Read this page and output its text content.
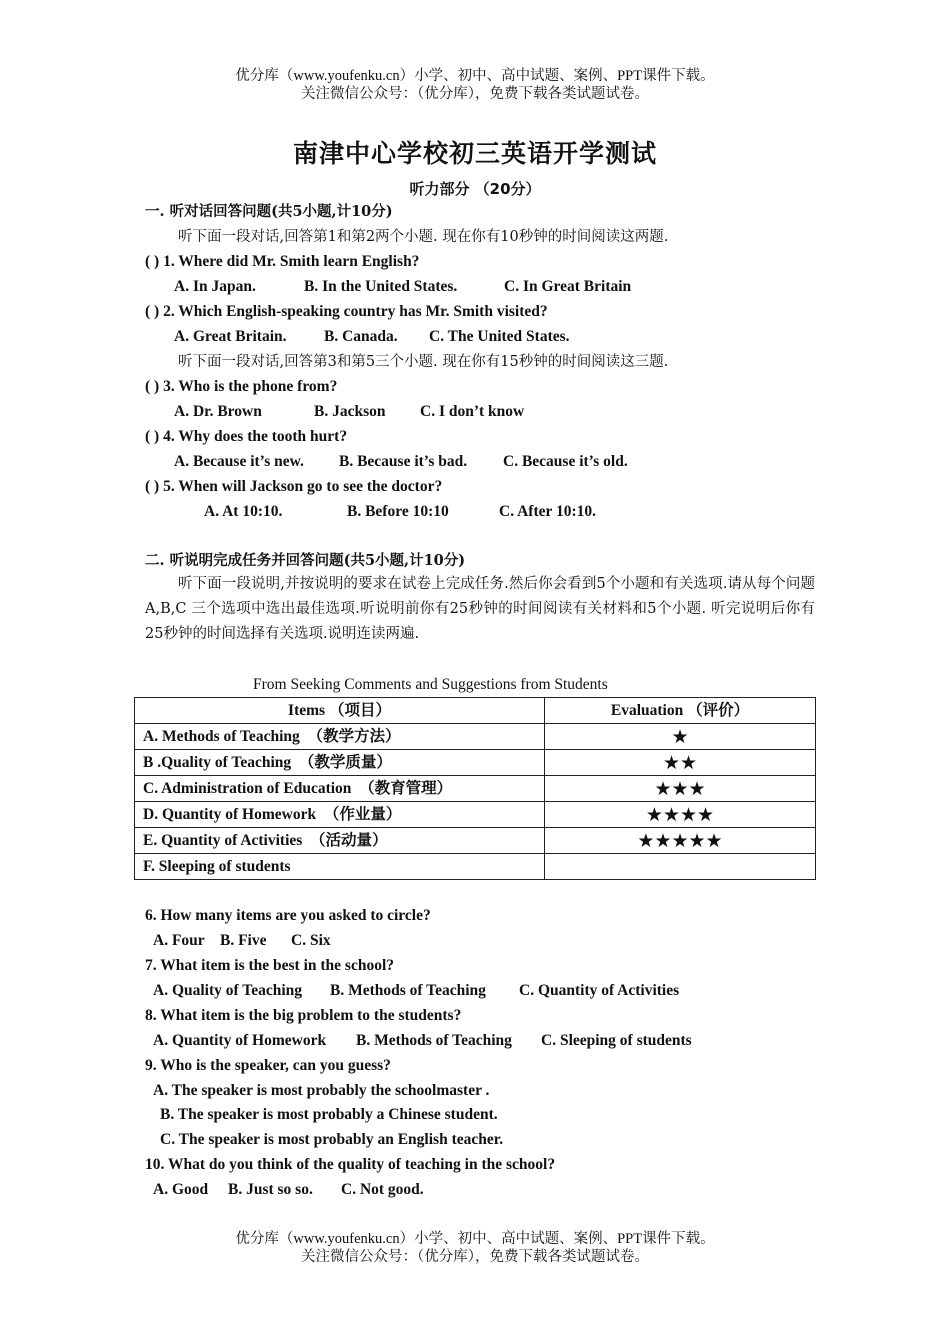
优分库（www.youfenku.cn）小学、初中、高中试题、案例、PPT课件下载。
关注微信公众号：（优分库），免费下载各类试题试卷。
南津中心学校初三英语开学测试
听力部分 （20分）
一. 听对话回答问题(共5小题,计10分)
听下面一段对话,回答第1和第2两个小题. 现在你有10秒钟的时间阅读这两题.
( ) 1. Where did Mr. Smith learn English?
A. In Japan.	B. In the United States.	C. In Great Britain
( ) 2. Which English-speaking country has Mr. Smith visited?
A. Great Britain. B. Canada. C. The United States.
听下面一段对话,回答第3和第5三个小题. 现在你有15秒钟的时间阅读这三题.
( ) 3. Who is the phone from?
A. Dr. Brown	B. Jackson C. I don’t know
( ) 4. Why does the tooth hurt?
A. Because it’s new. B. Because it’s bad. C. Because it’s old.
( ) 5. When will Jackson go to see the doctor?
A. At 10:10.	B. Before 10:10	C. After 10:10.
二. 听说明完成任务并回答问题(共5小题,计10分)
听下面一段说明,并按说明的要求在试卷上完成任务.然后你会看到5个小题和有关选项.请从每个问题A,B,C 三个选项中选出最佳选项.听说明前你有25秒钟的时间阅读有关材料和5个小题. 听完说明后你有25秒钟的时间选择有关选项.说明连读两遍.
From Seeking Comments and Suggestions from Students
Items （项目）	Evaluation （评价）
A. Methods of Teaching　（教学方法）	★
B .Quality of Teaching　（教学质量）	★★
C. Administration of Education　（教育管理）	★★★
D. Quantity of Homework　（作业量）	★★★★
E. Quantity of Activities　（活动量）	★★★★★
F. Sleeping of students	
6. How many items are you asked to circle?
A. Four B. Five C. Six
7. What item is the best in the school?
A. Quality of Teaching B. Methods of Teaching C. Quantity of Activities
8. What item is the big problem to the students?
A. Quantity of Homework B. Methods of Teaching C. Sleeping of students
9. Who is the speaker, can you guess?
A. The speaker is most probably the schoolmaster .
B. The speaker is most probably a Chinese student.
C. The speaker is most probably an English teacher.
10. What do you think of the quality of teaching in the school?
A. Good B. Just so so. C. Not good.
优分库（www.youfenku.cn）小学、初中、高中试题、案例、PPT课件下载。
关注微信公众号：（优分库），免费下载各类试题试卷。
